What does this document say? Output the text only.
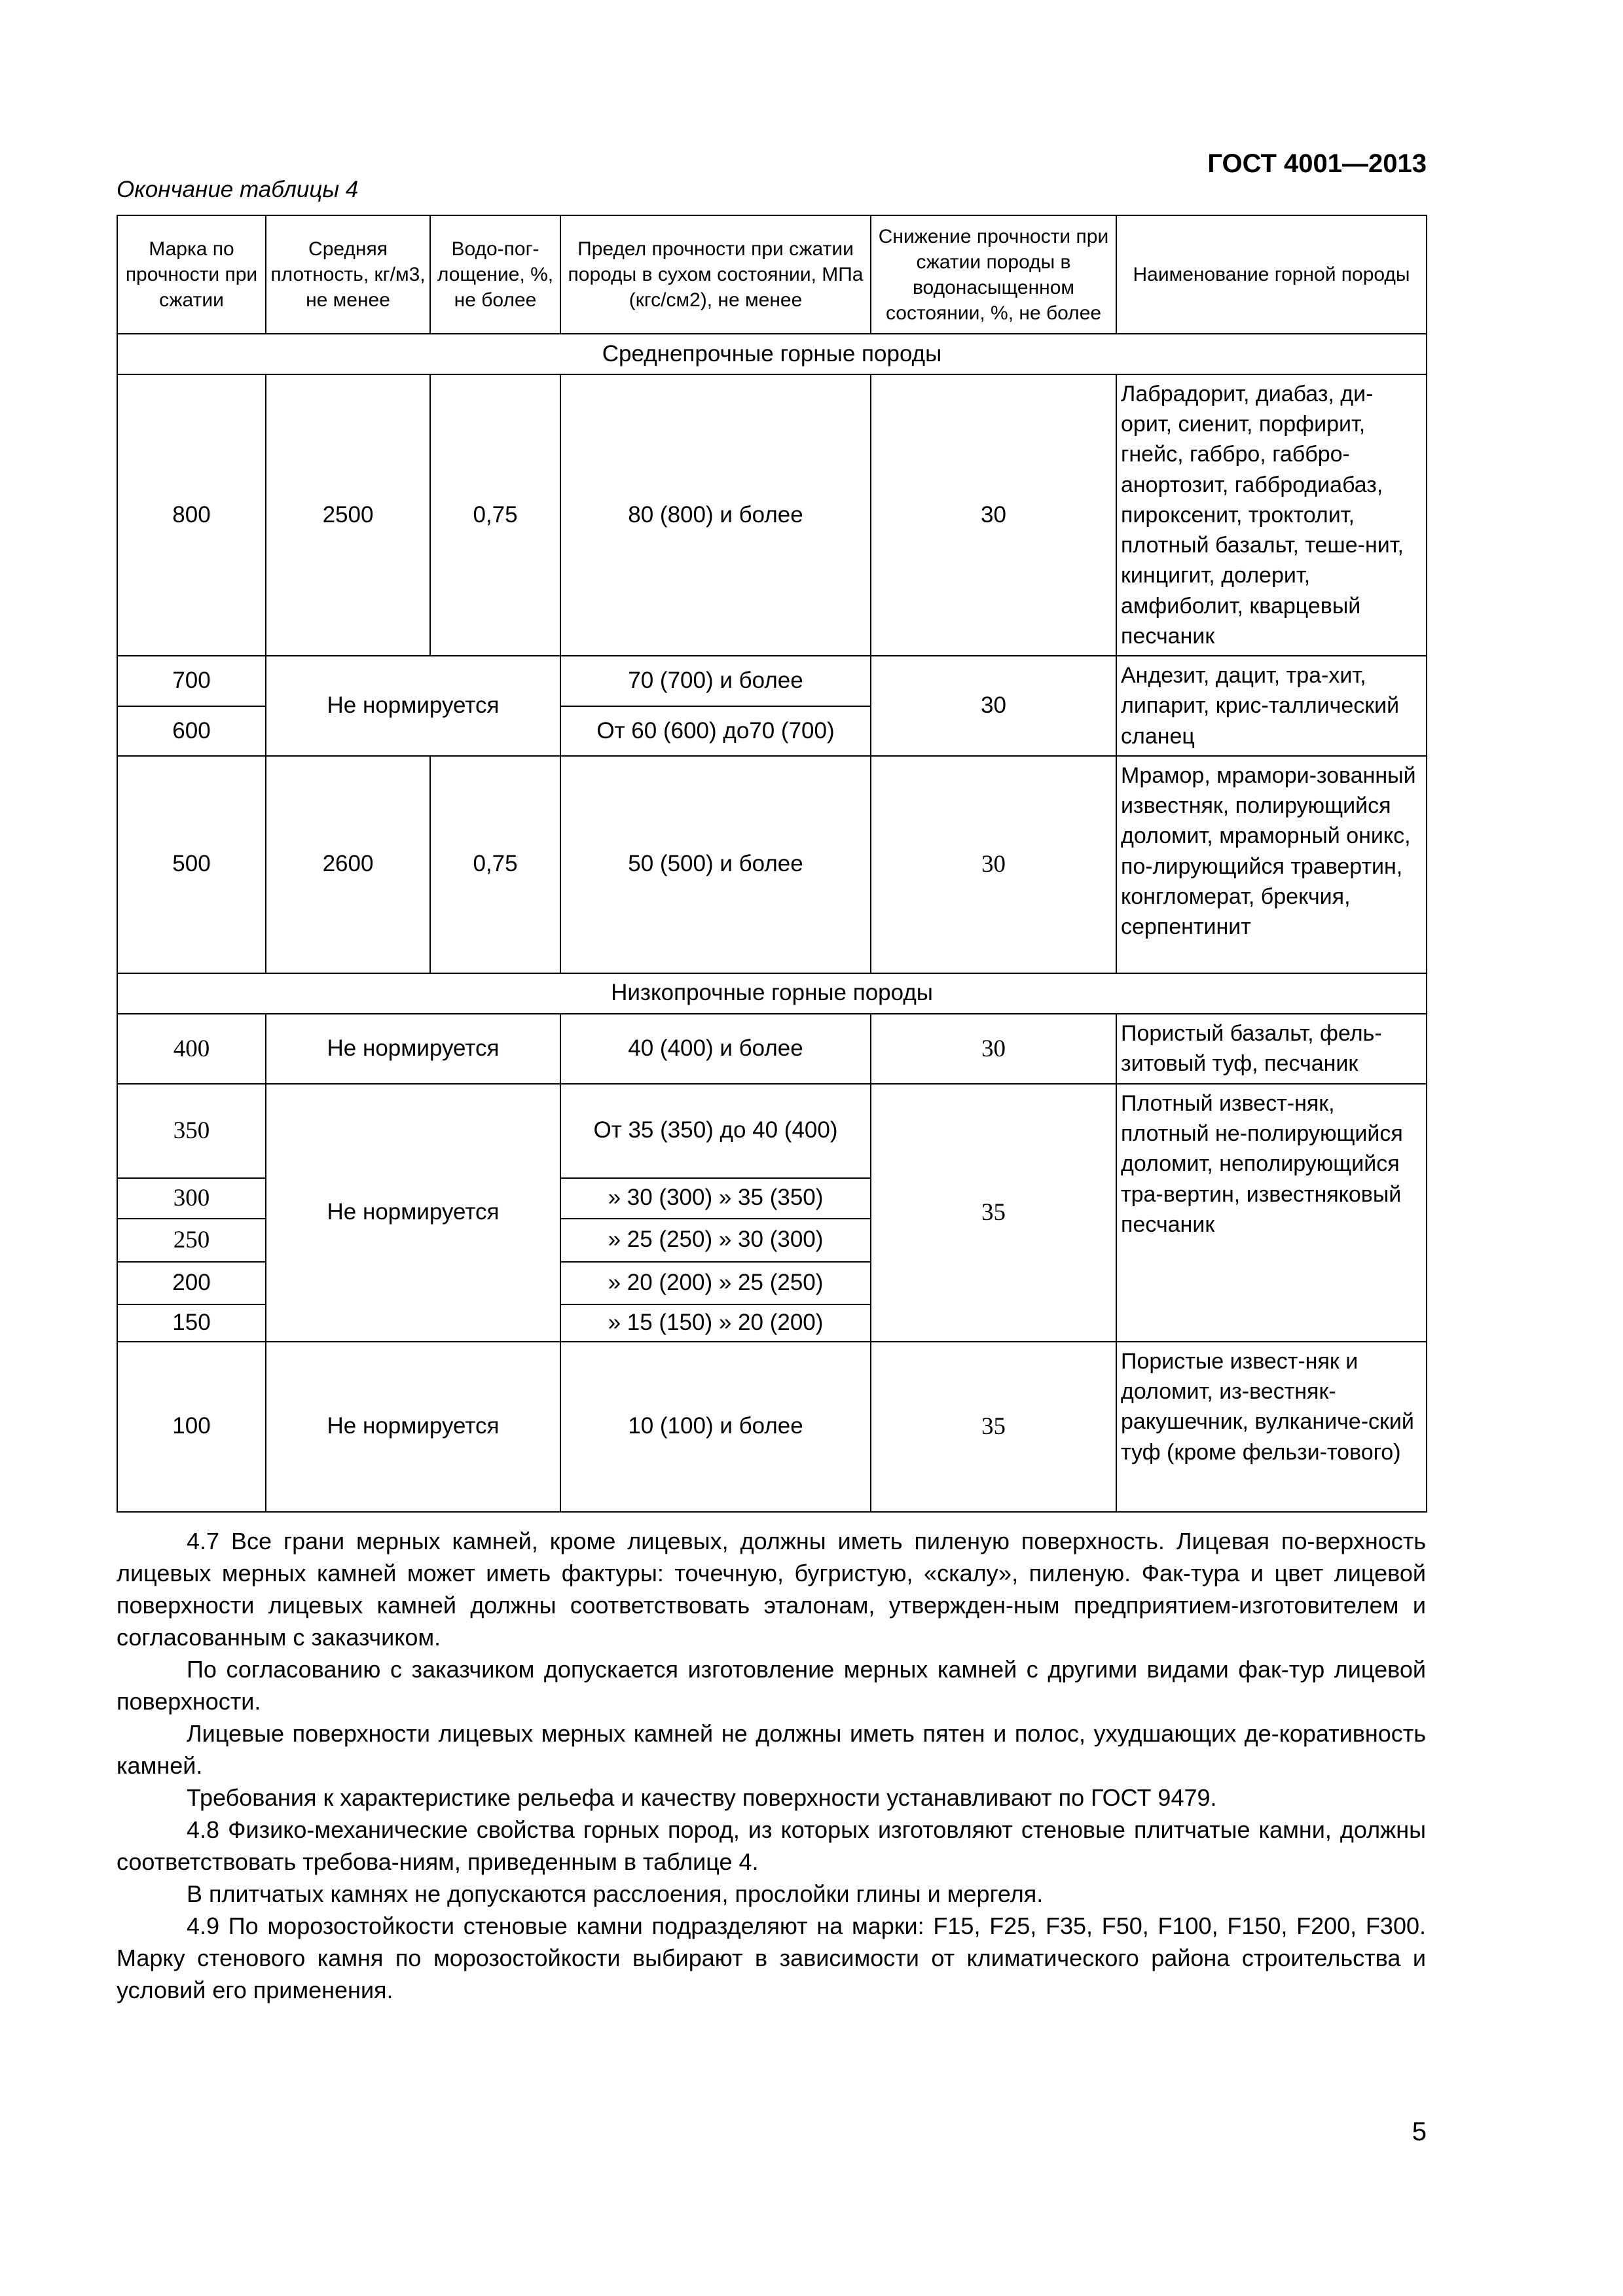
ГОСТ 4001—2013
Окончание таблицы 4
Марка по прочности при сжатии	Средняя плотность, кг/м3, не менее	Водо-пог-лощение, %, не более	Предел прочности при сжатии породы в сухом состоянии, МПа (кгс/см2), не менее	Снижение прочности при сжатии породы в водонасыщенном состоянии, %, не более	Наименование горной породы
Среднепрочные горные породы					
800	2500	0,75	80 (800) и более	30	Лабрадорит, диабаз, ди-орит, сиенит, порфирит, гнейс, габбро, габбро-анортозит, габбродиабаз, пироксенит, троктолит, плотный базальт, теше-нит, кинцигит, долерит, амфиболит, кварцевый песчаник
700	Не нормируется		70 (700) и более	30	Андезит, дацит, тра-хит, липарит, крис-таллический сланец
600			От 60 (600) до70 (700)		
500	2600	0,75	50 (500) и более	30	Мрамор, мрамори-зованный известняк, полирующийся доломит, мраморный оникс, по-лирующийся травертин, конгломерат, брекчия, серпентинит
Низкопрочные горные породы					
400	Не нормируется		40 (400) и более	30	Пористый базальт, фель-зитовый туф, песчаник
350	Не нормируется		От 35 (350) до 40 (400)	35	Плотный извест-няк, плотный не-полирующийся доломит, неполирующийся тра-вертин, известняковый песчаник
300			» 30 (300) » 35 (350)		
250			» 25 (250) » 30 (300)		
200			» 20 (200) » 25 (250)		
150			» 15 (150) » 20 (200)		
100	Не нормируется		10 (100) и более	35	Пористые извест-няк и доломит, из-вестняк-ракушечник, вулканиче-ский туф (кроме фельзи-тового)

4.7 Все грани мерных камней, кроме лицевых, должны иметь пиленую поверхность. Лицевая по-верхность лицевых мерных камней может иметь фактуры: точечную, бугристую, «скалу», пиленую. Фак-тура и цвет лицевой поверхности лицевых камней должны соответствовать эталонам, утвержден-ным предприятием-изготовителем и согласованным с заказчиком.

По согласованию с заказчиком допускается изготовление мерных камней с другими видами фак-тур лицевой поверхности.

Лицевые поверхности лицевых мерных камней не должны иметь пятен и полос, ухудшающих де-коративность камней.

Требования к характеристике рельефа и качеству поверхности устанавливают по ГОСТ 9479.

4.8 Физико-механические свойства горных пород, из которых изготовляют стеновые плитчатые камни, должны соответствовать требова-ниям, приведенным в таблице 4.

В плитчатых камнях не допускаются расслоения, прослойки глины и мергеля.

4.9 По морозостойкости стеновые камни подразделяют на марки: F15, F25, F35, F50, F100, F150, F200, F300. Марку стенового камня по морозостойкости выбирают в зависимости от климатического района строительства и условий его применения.

5
